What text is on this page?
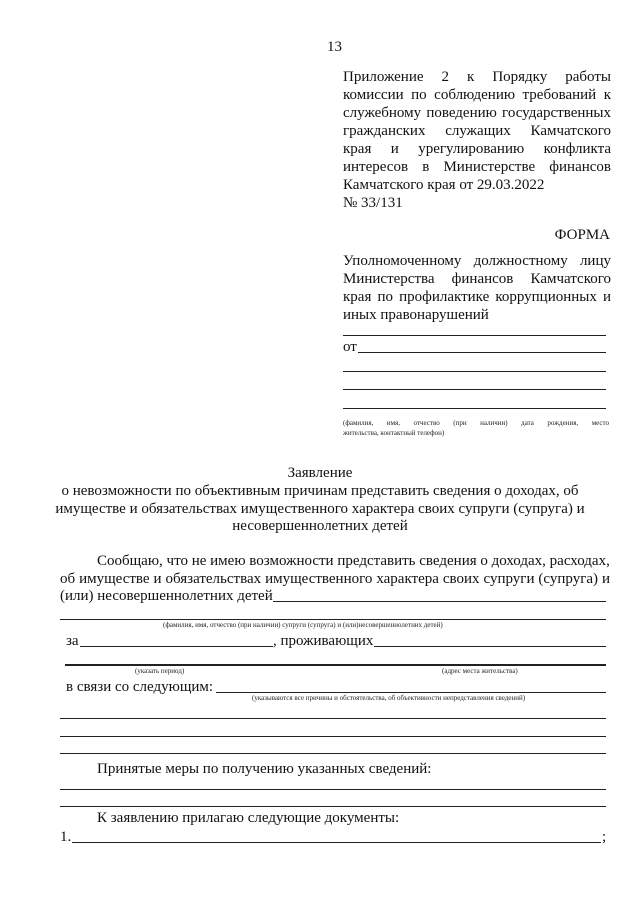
13
Приложение 2 к Порядку работы
комиссии по соблюдению требований к
служебному поведению государственных
гражданских служащих Камчатского
края и урегулированию конфликта
интересов в Министерстве финансов
Камчатского края от 29.03.2022
№ 33/131
ФОРМА
Уполномоченному должностному лицу
Министерства финансов Камчатского
края по профилактике коррупционных и
иных правонарушений
от
(фамилия, имя, отчество (при наличии) дата рождения, место
жительства, контактный телефон)
Заявление
о невозможности по объективным причинам представить сведения о доходах, об
имуществе и обязательствах имущественного характера своих супруги (супруга) и
несовершеннолетних детей
Сообщаю, что не имею возможности представить сведения о доходах, расходах,
об имуществе и обязательствах имущественного характера своих супруги (супруга) и
(или) несовершеннолетних детей
(фамилия, имя, отчество (при наличии) супруги (супруга) и (или)несовершеннолетних детей)
за	, проживающих
(указать период)	(адрес места жительства)
в связи со следующим:
(указываются все причины и обстоятельства, об объективности непредставления сведений)
Принятые меры по получению указанных сведений:
К заявлению прилагаю следующие документы:
1.	;
